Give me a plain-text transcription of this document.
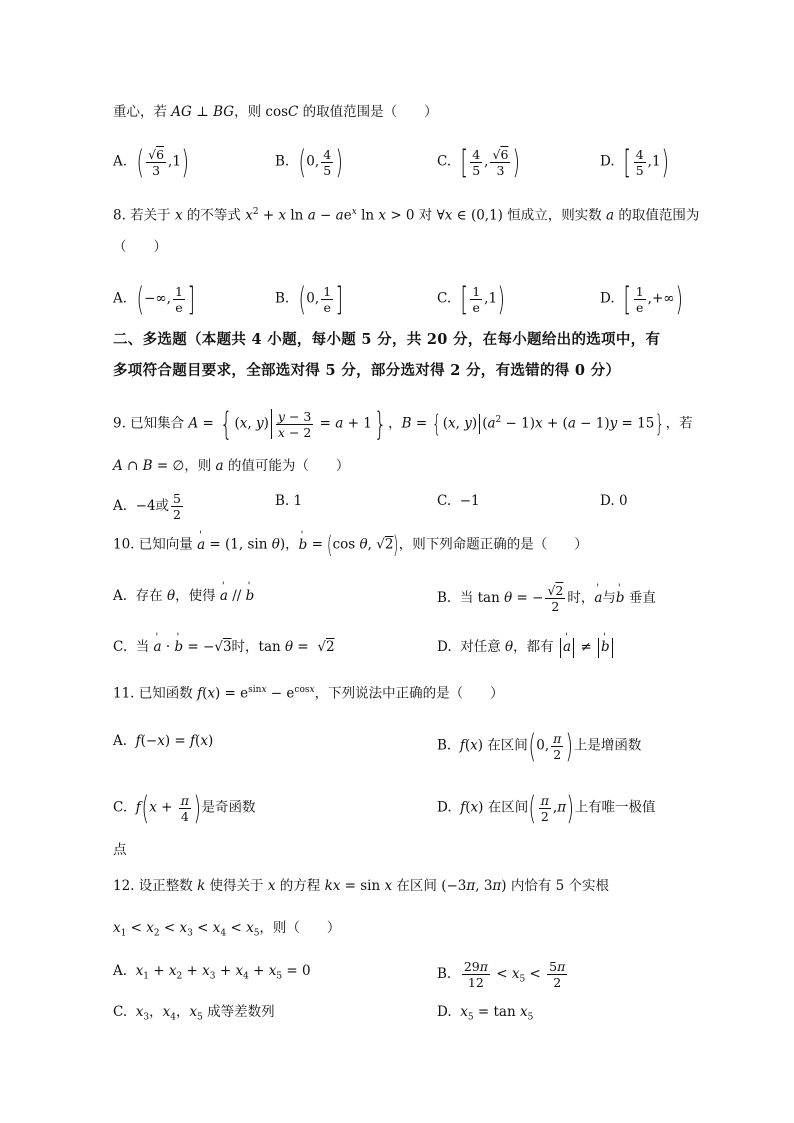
重心，若 AG ⊥ BG，则 cosC 的取值范围是（　　）
A. ( $\frac{√6}{3} ,1$)	B. (0, $\frac{4}{5}$ )	C. [ $\frac{4}{5}$ , $\frac{√6}{3}$ )	D. [ $\frac{4}{5} ,1$)
8. 若关于 x 的不等式 $x^2 + x$ $\ln a - ae^x$ ln x > 0 对 ∀x ∈ (0,1) 恒成立，则实数 a 的取值范围为
（　　）
A. (−∞, $\frac{1}{e}$ ]	B. (0, $\frac{1}{e}$ ]	C. [ $\frac{1}{e} ,1$)	D. [ $\frac{1}{e}$ ,+∞)
二、多选题（本题共 4 小题，每小题 5 分，共 20 分，在每小题给出的选项中，有
多项符合题目要求，全部选对得 5 分，部分选对得 2 分，有选错的得 0 分）
9. 已知集合 A = { (x, $y) \frac{y - 3}{x - 2} = a + 1$} ，B = {(x, y) $(a^2 - 1)x + (a - 1)y = 15$}，若
A ∩ B = ∅，则 a 的值可能为（　　）
A.  −4或 $\frac{5}{2}$	B. 1	C. −1	D. 0
10. 已知向量 ' a = (1, sin θ)，' b = (cos θ, √2)，则下列命题正确的是（　　）
A. 存在 θ，使得 ' a // ' b	B. 当 tan θ = − $\frac{√2}{2}$ 时，' a与' b 垂直
C. 当 ' a · ' b = −√3时，tan θ =  √2	D. 对任意 θ，都有 ' a ≠ ' b
11. 已知函数 $f(x) = e^{sinx} - e^{cosx}$，下列说法中正确的是（　　）
A. f(−x) = f(x)	B. f(x) 在区间(0, $\frac{\pi}{2}$ )上是增函数
C. $f(x + \frac{\pi}{4}$ )是奇函数	D. f(x) 在区间( $\frac{\pi}{2} ,\pi$)上有唯一极值
点
12. 设正整数 k 使得关于 x 的方程 kx = sin x 在区间 (−3π, 3π) 内恰有 5 个实根
$x_1 < x_2 < x_3 < x_4 < x_5$，则（　　）
A. $x_1 + x_2 + x_3 + x_4 + x_5 = 0$	B. $\frac{29\pi}{12} < x_5 < \frac{5\pi}{2}$
C. $x_3$，$x_4$，$x_5$ 成等差数列	D. $x_5 = \tan x_5$
